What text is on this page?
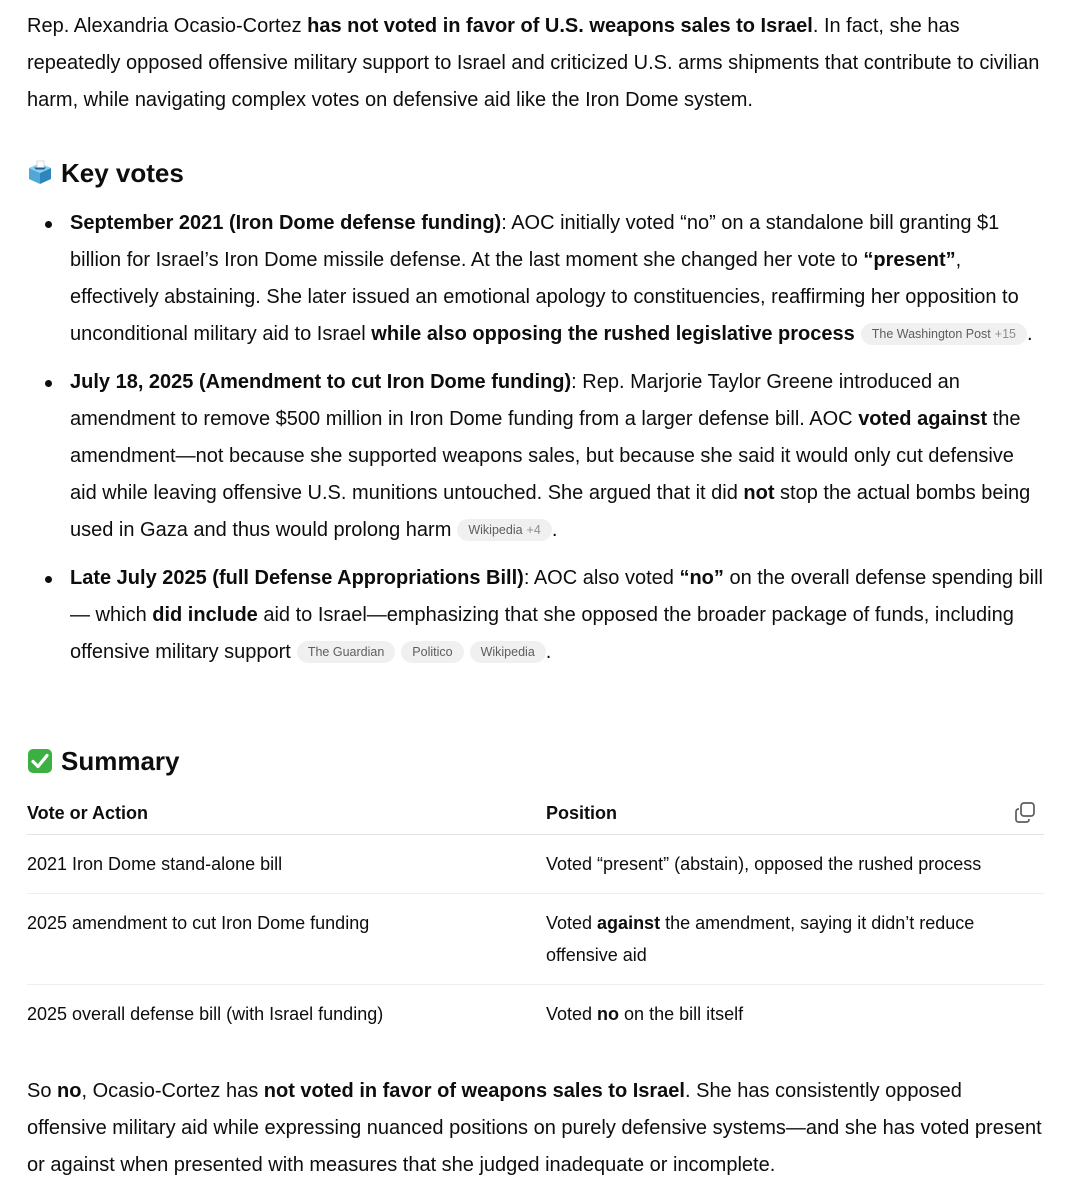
Rep. Alexandria Ocasio-Cortez has not voted in favor of U.S. weapons sales to Israel. In fact, she has repeatedly opposed offensive military support to Israel and criticized U.S. arms shipments that contribute to civilian harm, while navigating complex votes on defensive aid like the Iron Dome system.

Key votes
September 2021 (Iron Dome defense funding): AOC initially voted “no” on a standalone bill granting $1 billion for Israel’s Iron Dome missile defense. At the last moment she changed her vote to “present”, effectively abstaining. She later issued an emotional apology to constituencies, reaffirming her opposition to unconditional military aid to Israel while also opposing the rushed legislative process The Washington Post +15 .
July 18, 2025 (Amendment to cut Iron Dome funding): Rep. Marjorie Taylor Greene introduced an amendment to remove $500 million in Iron Dome funding from a larger defense bill. AOC voted against the amendment—not because she supported weapons sales, but because she said it would only cut defensive aid while leaving offensive U.S. munitions untouched. She argued that it did not stop the actual bombs being used in Gaza and thus would prolong harm Wikipedia +4 .
Late July 2025 (full Defense Appropriations Bill): AOC also voted “no” on the overall defense spending bill — which did include aid to Israel—emphasizing that she opposed the broader package of funds, including offensive military support The Guardian Politico Wikipedia .
Summary
Vote or Action	Position
2021 Iron Dome stand-alone bill	Voted “present” (abstain), opposed the rushed process
2025 amendment to cut Iron Dome funding	Voted against the amendment, saying it didn’t reduce offensive aid
2025 overall defense bill (with Israel funding)	Voted no on the bill itself

So no, Ocasio-Cortez has not voted in favor of weapons sales to Israel. She has consistently opposed offensive military aid while expressing nuanced positions on purely defensive systems—and she has voted present or against when presented with measures that she judged inadequate or incomplete.
